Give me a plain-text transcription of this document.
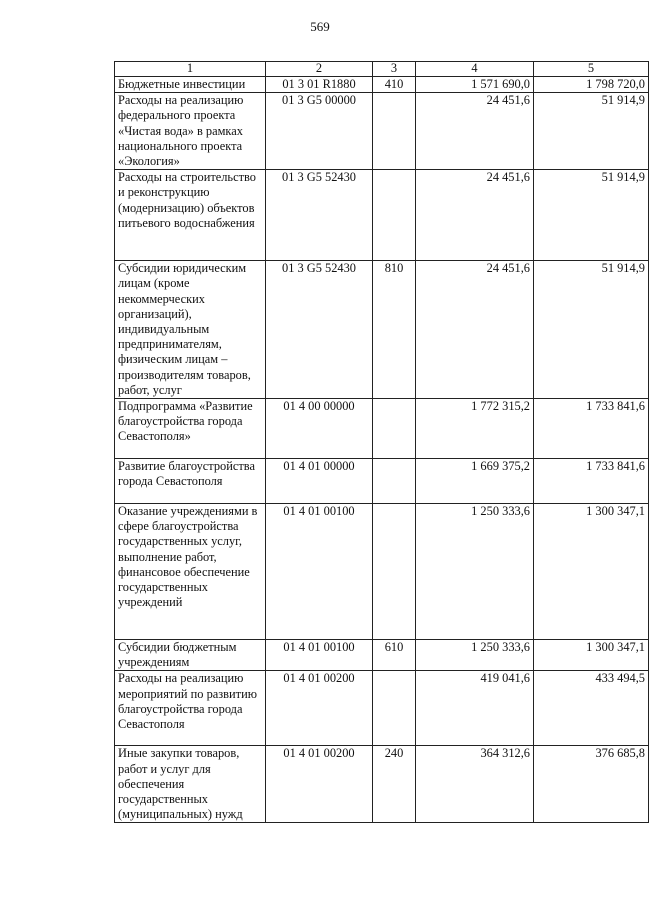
569
1	2	3	4	5
Бюджетные инвестиции	01 3 01 R1880	410	1 571 690,0	1 798 720,0
Расходы на реализацию федерального проекта «Чистая вода» в рамках национального проекта «Экология»	01 3 G5 00000		24 451,6	51 914,9
Расходы на строительство и реконструкцию (модернизацию) объектов питьевого водоснабжения	01 3 G5 52430		24 451,6	51 914,9
Субсидии юридическим лицам (кроме некоммерческих организаций), индивидуальным предпринимателям, физическим лицам – производителям товаров, работ, услуг	01 3 G5 52430	810	24 451,6	51 914,9
Подпрограмма «Развитие благоустройства города Севастополя»	01 4 00 00000		1 772 315,2	1 733 841,6
Развитие благоустройства города Севастополя	01 4 01 00000		1 669 375,2	1 733 841,6
Оказание учреждениями в сфере благоустройства государственных услуг, выполнение работ, финансовое обеспечение государственных учреждений	01 4 01 00100		1 250 333,6	1 300 347,1
Субсидии бюджетным учреждениям	01 4 01 00100	610	1 250 333,6	1 300 347,1
Расходы на реализацию мероприятий по развитию благоустройства города Севастополя	01 4 01 00200		419 041,6	433 494,5
Иные закупки товаров, работ и услуг для обеспечения государственных (муниципальных) нужд	01 4 01 00200	240	364 312,6	376 685,8
